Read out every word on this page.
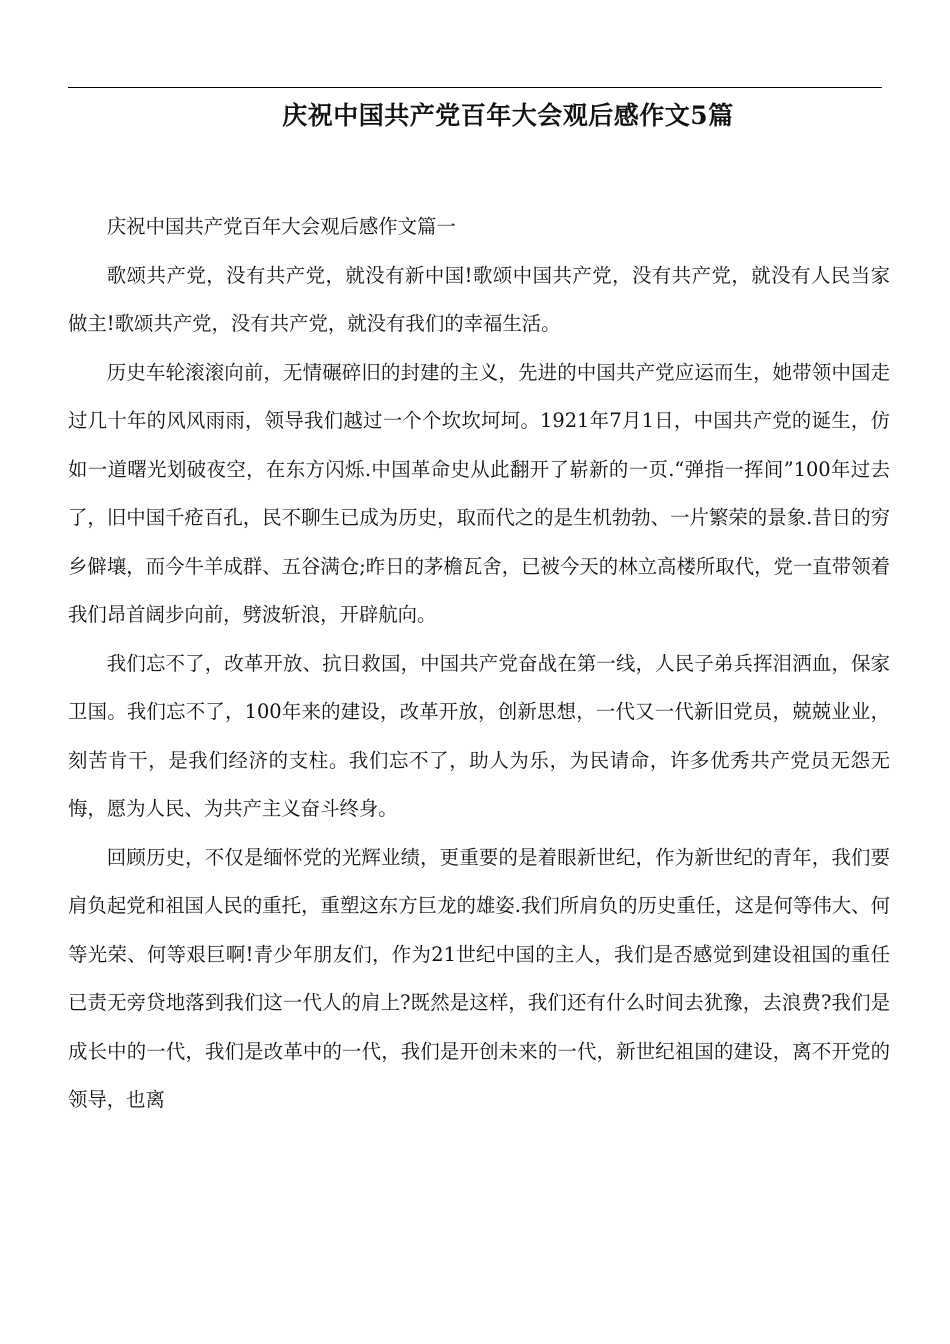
庆祝中国共产党百年大会观后感作文5篇
庆祝中国共产党百年大会观后感作文篇一

歌颂共产党，没有共产党，就没有新中国!歌颂中国共产党，没有共产党，就没有人民当家做主!歌颂共产党，没有共产党，就没有我们的幸福生活。

历史车轮滚滚向前，无情碾碎旧的封建的主义，先进的中国共产党应运而生，她带领中国走过几十年的风风雨雨，领导我们越过一个个坎坎坷坷。1921年7月1日，中国共产党的诞生，仿如一道曙光划破夜空，在东方闪烁.中国革命史从此翻开了崭新的一页.“弹指一挥间”100年过去了，旧中国千疮百孔，民不聊生已成为历史，取而代之的是生机勃勃、一片繁荣的景象.昔日的穷乡僻壤，而今牛羊成群、五谷满仓;昨日的茅檐瓦舍，已被今天的林立高楼所取代，党一直带领着我们昂首阔步向前，劈波斩浪，开辟航向。

我们忘不了，改革开放、抗日救国，中国共产党奋战在第一线，人民子弟兵挥泪洒血，保家卫国。我们忘不了，100年来的建设，改革开放，创新思想，一代又一代新旧党员，兢兢业业，刻苦肯干，是我们经济的支柱。我们忘不了，助人为乐，为民请命，许多优秀共产党员无怨无悔，愿为人民、为共产主义奋斗终身。

回顾历史，不仅是缅怀党的光辉业绩，更重要的是着眼新世纪，作为新世纪的青年，我们要肩负起党和祖国人民的重托，重塑这东方巨龙的雄姿.我们所肩负的历史重任，这是何等伟大、何等光荣、何等艰巨啊!青少年朋友们，作为21世纪中国的主人，我们是否感觉到建设祖国的重任已责无旁贷地落到我们这一代人的肩上?既然是这样，我们还有什么时间去犹豫，去浪费?我们是成长中的一代，我们是改革中的一代，我们是开创未来的一代，新世纪祖国的建设，离不开党的领导，也离
